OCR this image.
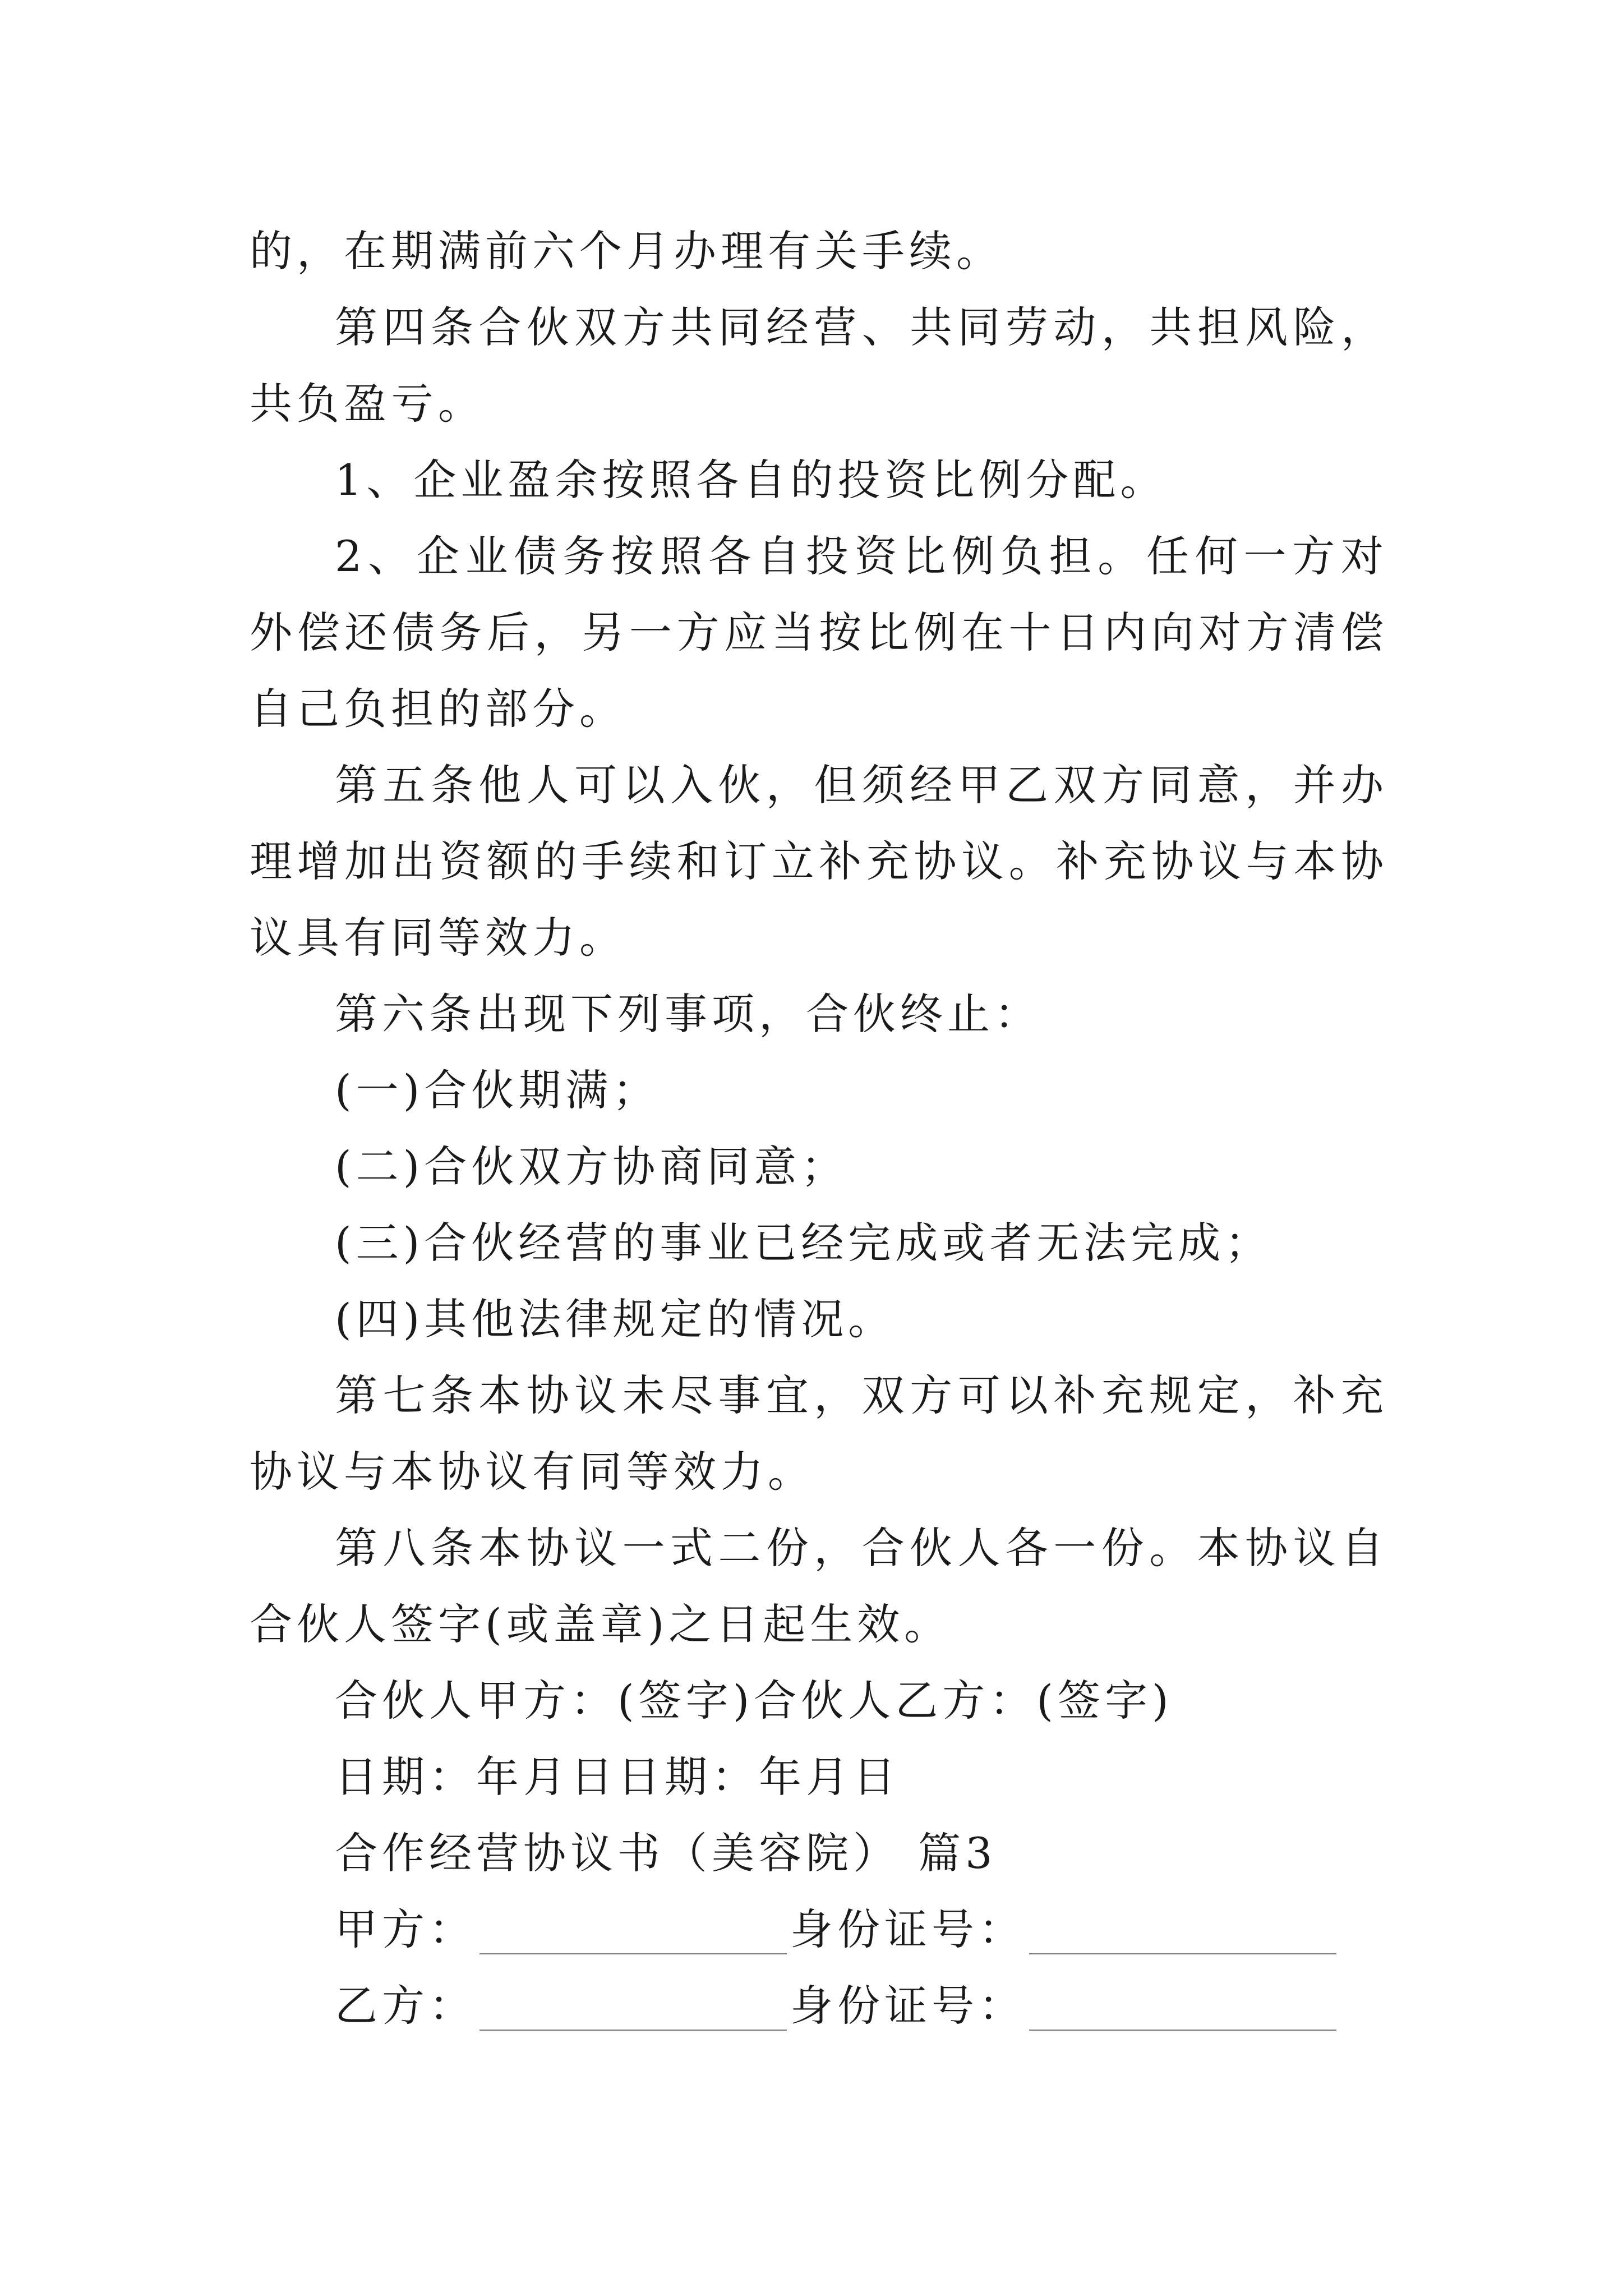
的，在期满前六个月办理有关手续。

第四条合伙双方共同经营、共同劳动，共担风险，共负盈亏。

1、企业盈余按照各自的投资比例分配。

2、企业债务按照各自投资比例负担。任何一方对外偿还债务后，另一方应当按比例在十日内向对方清偿自己负担的部分。

第五条他人可以入伙，但须经甲乙双方同意，并办理增加出资额的手续和订立补充协议。补充协议与本协议具有同等效力。

第六条出现下列事项，合伙终止：

(一)合伙期满；

(二)合伙双方协商同意；

(三)合伙经营的事业已经完成或者无法完成；

(四)其他法律规定的情况。

第七条本协议未尽事宜，双方可以补充规定，补充协议与本协议有同等效力。

第八条本协议一式二份，合伙人各一份。本协议自合伙人签字(或盖章)之日起生效。

合伙人甲方：(签字)合伙人乙方：(签字)

日期：年月日日期：年月日

合作经营协议书（美容院） 篇3

甲方：	身份证号：
乙方：	身份证号：
